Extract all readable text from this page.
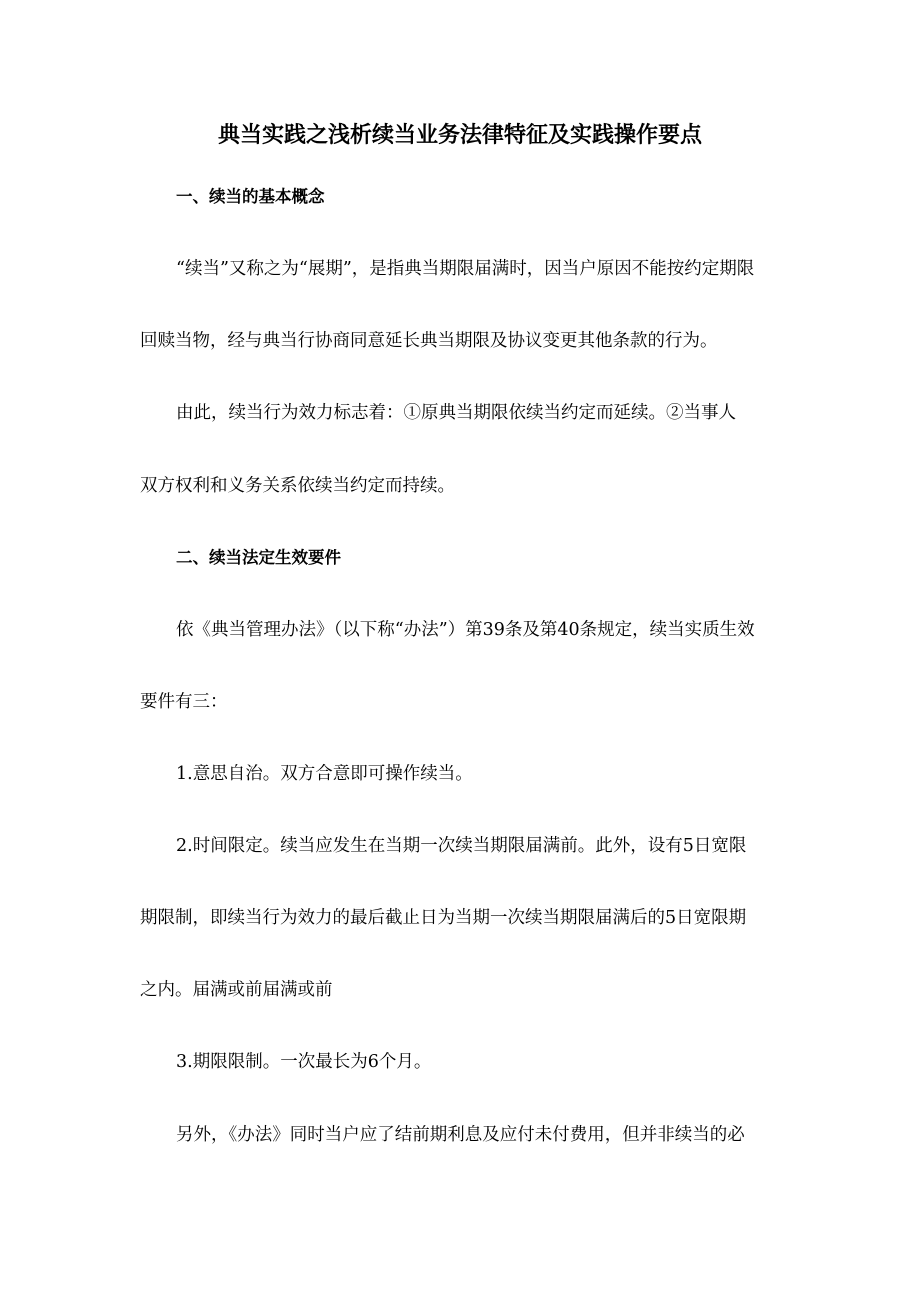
典当实践之浅析续当业务法律特征及实践操作要点
一、续当的基本概念

“续当”又称之为“展期”，是指典当期限届满时，因当户原因不能按约定期限

回赎当物，经与典当行协商同意延长典当期限及协议变更其他条款的行为。

由此，续当行为效力标志着：①原典当期限依续当约定而延续。②当事人

双方权利和义务关系依续当约定而持续。

二、续当法定生效要件

依《典当管理办法》（以下称“办法”）第39条及第40条规定，续当实质生效

要件有三：

1.意思自治。双方合意即可操作续当。

2.时间限定。续当应发生在当期一次续当期限届满前。此外，设有5日宽限

期限制，即续当行为效力的最后截止日为当期一次续当期限届满后的5日宽限期

之内。届满或前届满或前

3.期限限制。一次最长为6个月。

另外，《办法》同时当户应了结前期利息及应付未付费用，但并非续当的必
